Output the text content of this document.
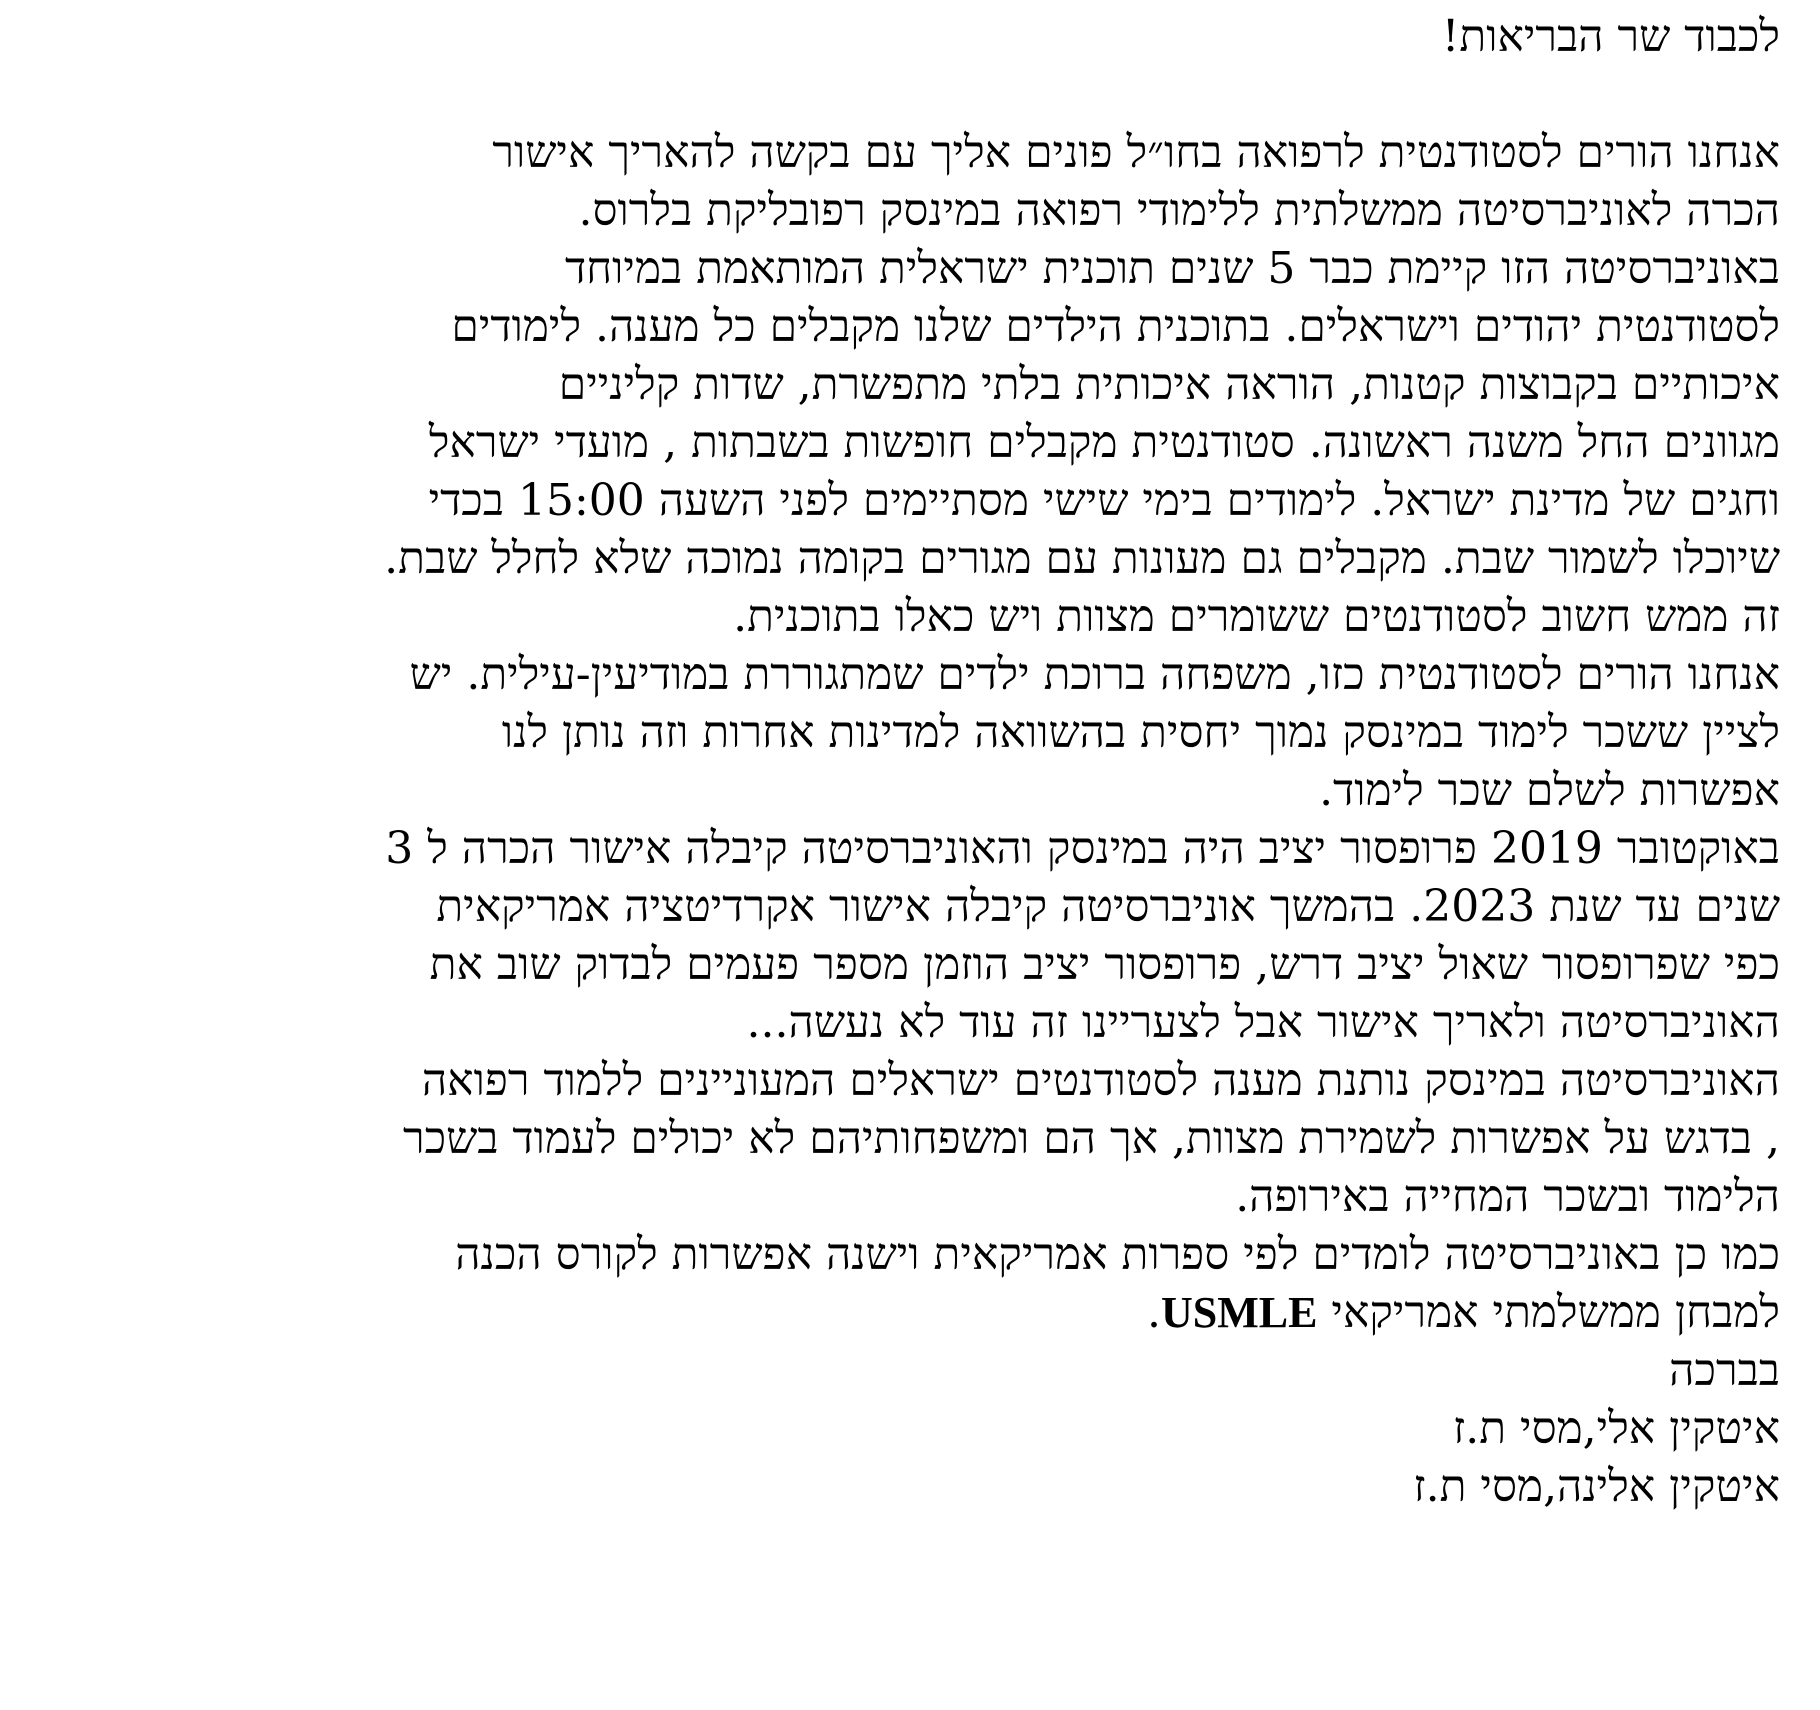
לכבוד שר הבריאות!
אנחנו הורים לסטודנטית לרפואה בחו״ל פונים אליך עם בקשה להאריך אישור
הכרה לאוניברסיטה ממשלתית ללימודי רפואה במינסק רפובליקת בלרוס.
באוניברסיטה הזו קיימת כבר 5 שנים תוכנית ישראלית המותאמת במיוחד
לסטודנטית יהודים וישראלים. בתוכנית הילדים שלנו מקבלים כל מענה. לימודים
איכותיים בקבוצות קטנות, הוראה איכותית בלתי מתפשרת, שדות קליניים
מגוונים החל משנה ראשונה. סטודנטית מקבלים חופשות בשבתות , מועדי ישראל
וחגים של מדינת ישראל. לימודים בימי שישי מסתיימים לפני השעה 15:00 בכדי
שיוכלו לשמור שבת. מקבלים גם מעונות עם מגורים בקומה נמוכה שלא לחלל שבת.
זה ממש חשוב לסטודנטים ששומרים מצוות ויש כאלו בתוכנית.
אנחנו הורים לסטודנטית כזו, משפחה ברוכת ילדים שמתגוררת במודיעין-עילית. יש
לציין ששכר לימוד במינסק נמוך יחסית בהשוואה למדינות אחרות וזה נותן לנו
אפשרות לשלם שכר לימוד.
באוקטובר 2019 פרופסור יציב היה במינסק והאוניברסיטה קיבלה אישור הכרה ל 3
שנים עד שנת 2023. בהמשך אוניברסיטה קיבלה אישור אקרדיטציה אמריקאית
כפי שפרופסור שאול יציב דרש, פרופסור יציב הוזמן מספר פעמים לבדוק שוב את
האוניברסיטה ולאריך אישור אבל לצעריינו זה עוד לא נעשה...
האוניברסיטה במינסק נותנת מענה לסטודנטים ישראלים המעוניינים ללמוד רפואה
, בדגש על אפשרות לשמירת מצוות, אך הם ומשפחותיהם לא יכולים לעמוד בשכר
הלימוד ובשכר המחייה באירופה.
כמו כן באוניברסיטה לומדים לפי ספרות אמריקאית וישנה אפשרות לקורס הכנה
למבחן ממשלמתי אמריקאי USMLE.
בברכה
איטקין אלי,מסי ת.ז
איטקין אלינה,מסי ת.ז
